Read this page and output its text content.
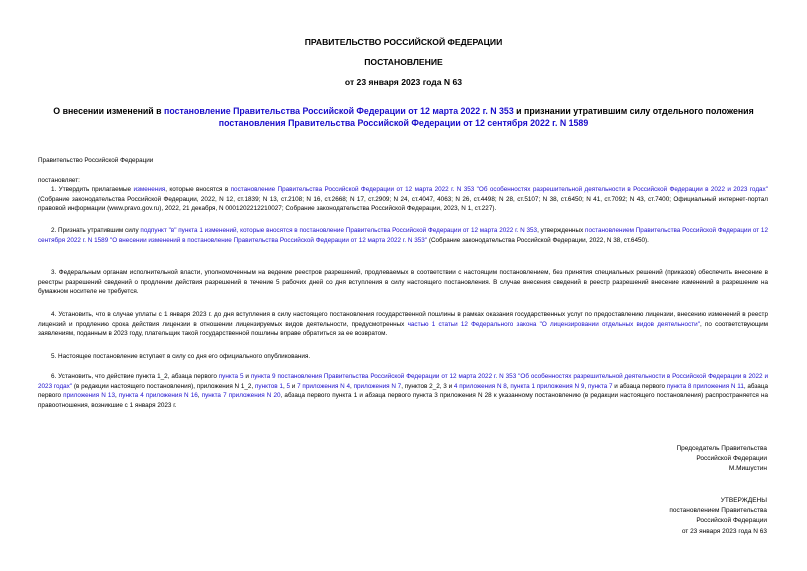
ПРАВИТЕЛЬСТВО РОССИЙСКОЙ ФЕДЕРАЦИИ
ПОСТАНОВЛЕНИЕ
от 23 января 2023 года N 63
О внесении изменений в постановление Правительства Российской Федерации от 12 марта 2022 г. N 353 и признании утратившим силу отдельного положения постановления Правительства Российской Федерации от 12 сентября 2022 г. N 1589
Правительство Российской Федерации
постановляет:
1. Утвердить прилагаемые изменения, которые вносятся в постановление Правительства Российской Федерации от 12 марта 2022 г. N 353 "Об особенностях разрешительной деятельности в Российской Федерации в 2022 и 2023 годах" (Собрание законодательства Российской Федерации, 2022, N 12, ст.1839; N 13, ст.2108; N 16, ст.2668; N 17, ст.2909; N 24, ст.4047, 4063; N 26, ст.4498; N 28, ст.5107; N 38, ст.6450; N 41, ст.7092; N 43, ст.7400; Официальный интернет-портал правовой информации (www.pravo.gov.ru), 2022, 21 декабря, N 0001202212210027; Собрание законодательства Российской Федерации, 2023, N 1, ст.227).
2. Признать утратившим силу подпункт "в" пункта 1 изменений, которые вносятся в постановление Правительства Российской Федерации от 12 марта 2022 г. N 353, утвержденных постановлением Правительства Российской Федерации от 12 сентября 2022 г. N 1589 "О внесении изменений в постановление Правительства Российской Федерации от 12 марта 2022 г. N 353" (Собрание законодательства Российской Федерации, 2022, N 38, ст.6450).
3. Федеральным органам исполнительной власти, уполномоченным на ведение реестров разрешений, продлеваемых в соответствии с настоящим постановлением, без принятия специальных решений (приказов) обеспечить внесение в реестры разрешений сведений о продлении действия разрешений в течение 5 рабочих дней со дня вступления в силу настоящего постановления. В случае внесения сведений в реестр разрешений внесение изменений в разрешение на бумажном носителе не требуется.
4. Установить, что в случае уплаты с 1 января 2023 г. до дня вступления в силу настоящего постановления государственной пошлины в рамках оказания государственных услуг по предоставлению лицензии, внесению изменений в реестр лицензий и продлению срока действия лицензии в отношении лицензируемых видов деятельности, предусмотренных частью 1 статьи 12 Федерального закона "О лицензировании отдельных видов деятельности", по соответствующим заявлениям, поданным в 2023 году, плательщик такой государственной пошлины вправе обратиться за ее возвратом.
5. Настоящее постановление вступает в силу со дня его официального опубликования.
6. Установить, что действие пункта 1_2, абзаца первого пункта 5 и пункта 9 постановления Правительства Российской Федерации от 12 марта 2022 г. N 353 "Об особенностях разрешительной деятельности в Российской Федерации в 2022 и 2023 годах" (в редакции настоящего постановления), приложения N 1_2, пунктов 1, 5 и 7 приложения N 4, приложения N 7, пунктов 2_2, 3 и 4 приложения N 8, пункта 1 приложения N 9, пункта 7 и абзаца первого пункта 8 приложения N 11, абзаца первого приложения N 13, пункта 4 приложения N 16, пункта 7 приложения N 20, абзаца первого пункта 1 и абзаца первого пункта 3 приложения N 28 к указанному постановлению (в редакции настоящего постановления) распространяется на правоотношения, возникшие с 1 января 2023 г.
Председатель Правительства
Российской Федерации
М.Мишустин
УТВЕРЖДЕНЫ
постановлением Правительства
Российской Федерации
от 23 января 2023 года N 63
